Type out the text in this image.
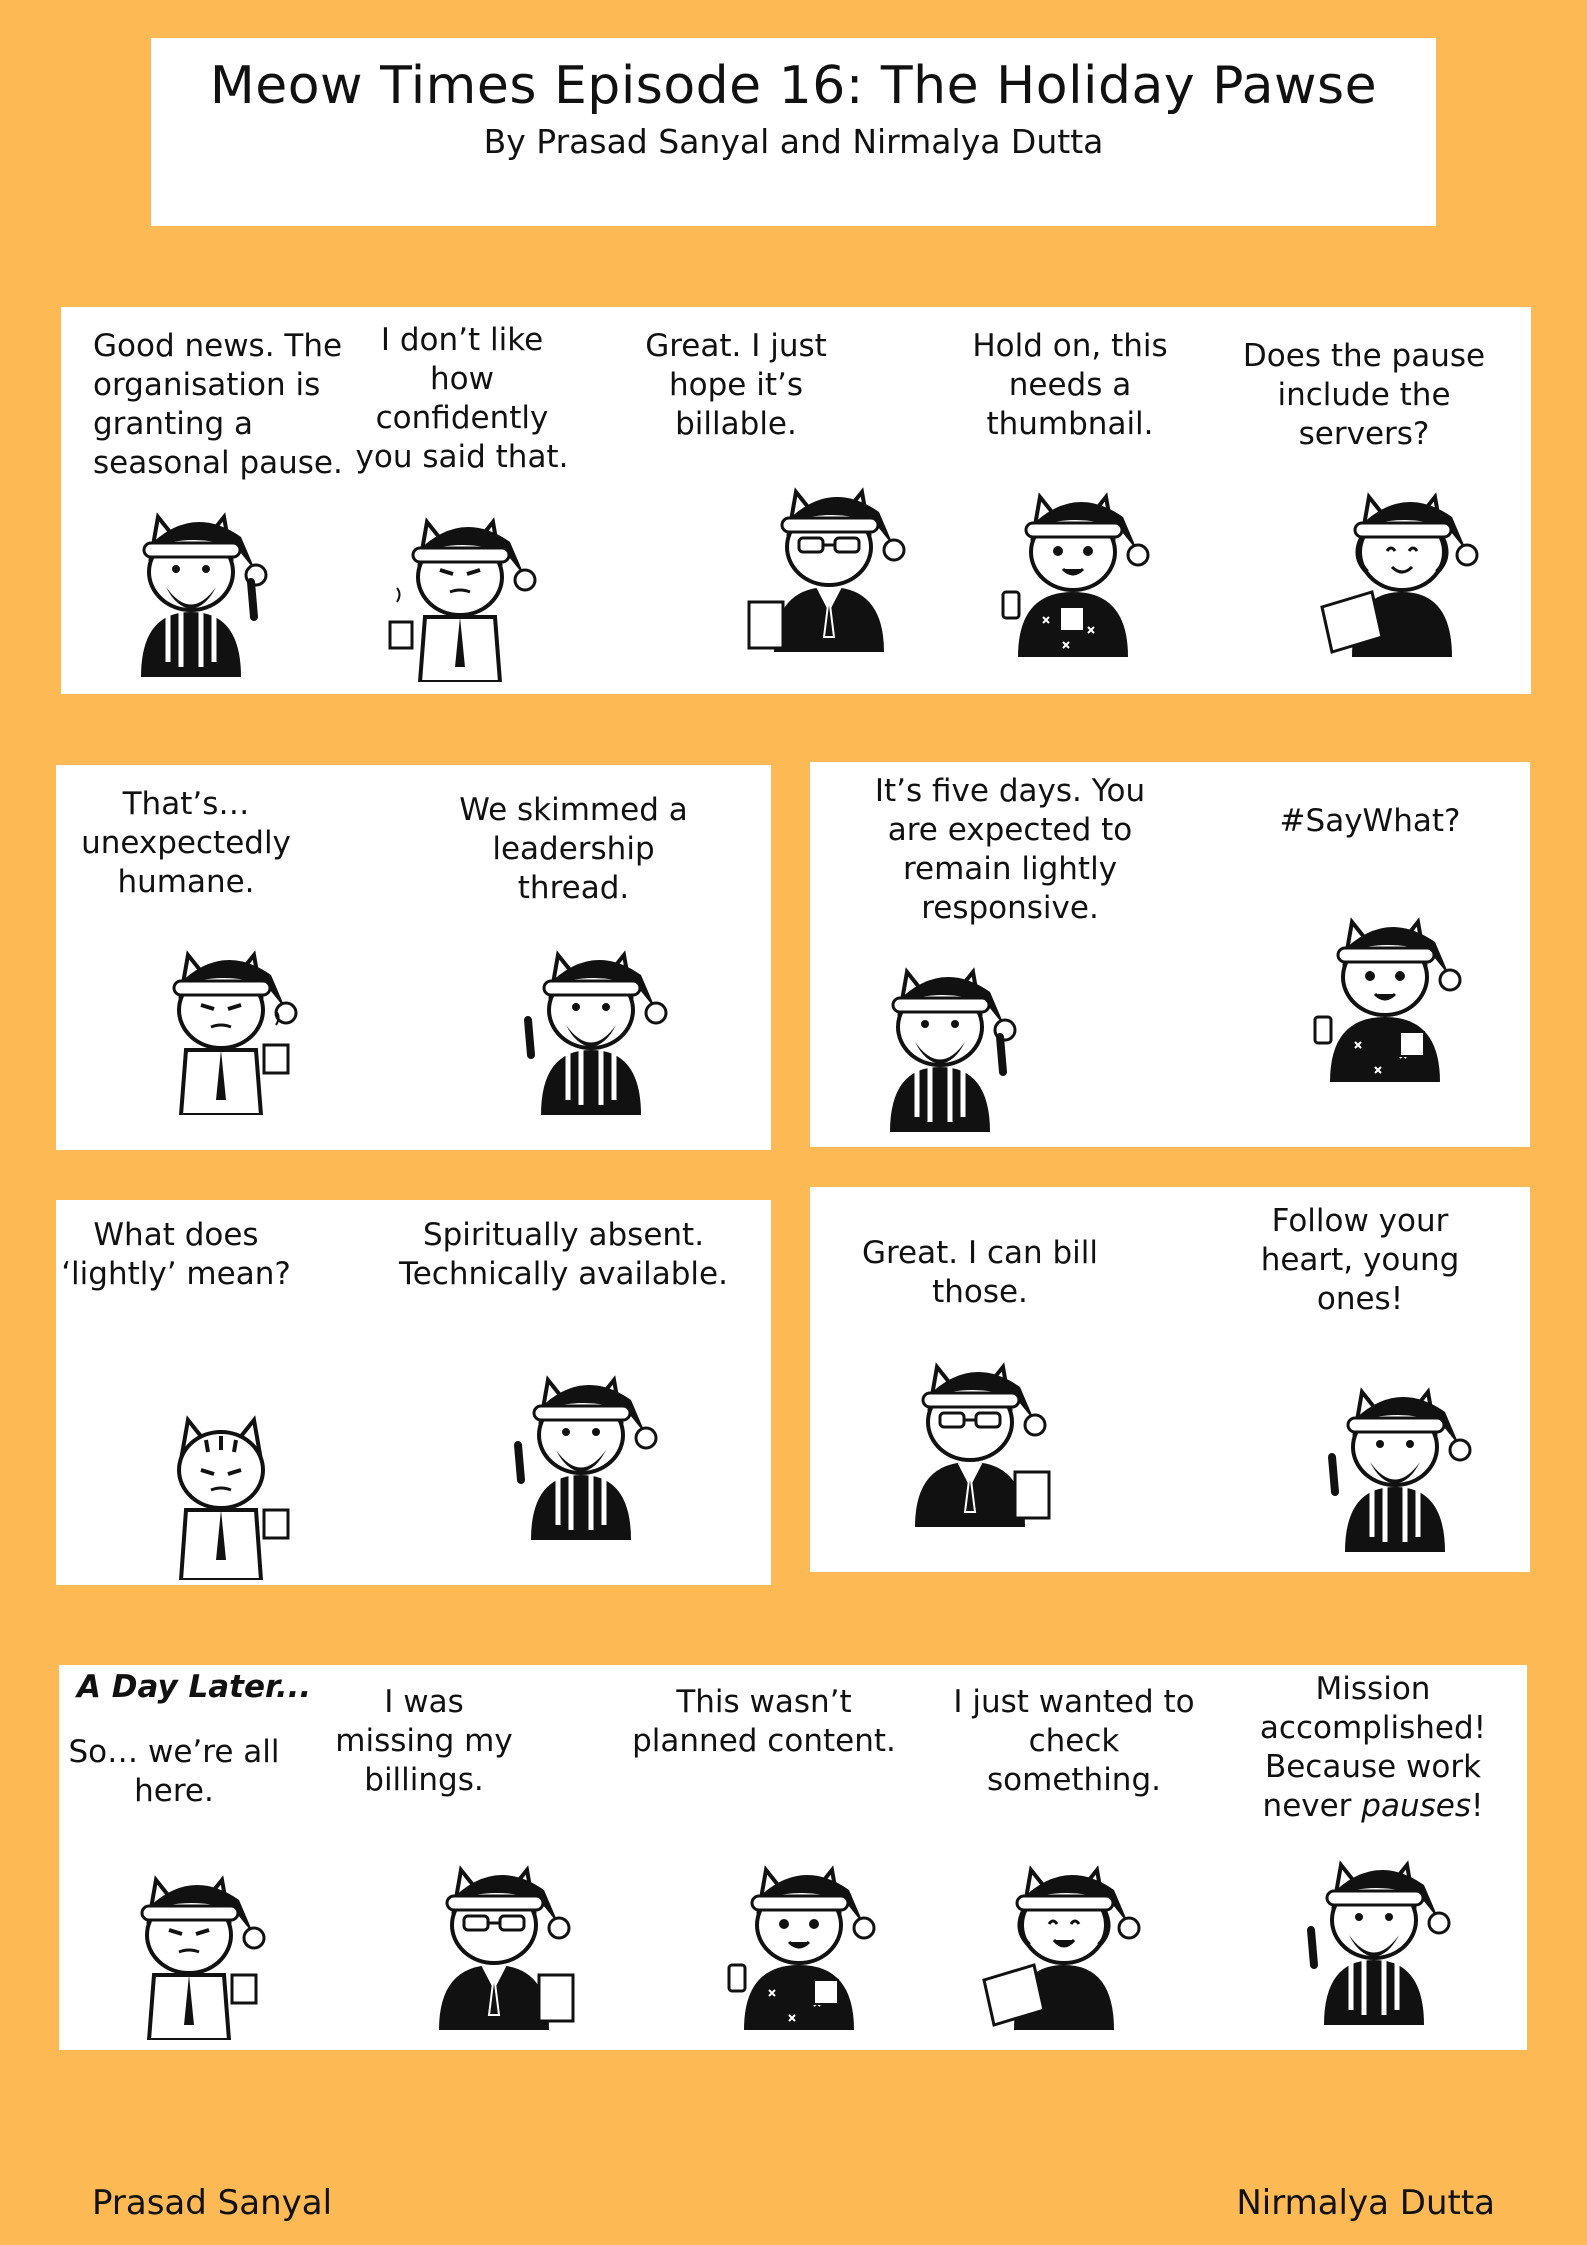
Meow Times Episode 16: The Holiday Pawse
By Prasad Sanyal and Nirmalya Dutta
Good news. The
organisation is
granting a
seasonal pause.
I don’t like
how
confidently
you said that.
Great. I just
hope it’s
billable.
Hold on, this
needs a
thumbnail.
Does the pause
include the
servers?
That’s…
unexpectedly
humane.
We skimmed a
leadership
thread.
It’s five days. You
are expected to
remain lightly
responsive.
#SayWhat?
What does
‘lightly’ mean?
Spiritually absent.
Technically available.
Great. I can bill
those.
Follow your
heart, young
ones!
A Day Later...
So… we’re all
here.
I was
missing my
billings.
This wasn’t
planned content.
I just wanted to
check
something.
Mission
accomplished!
Because work
never pauses!
Prasad Sanyal	Nirmalya Dutta
